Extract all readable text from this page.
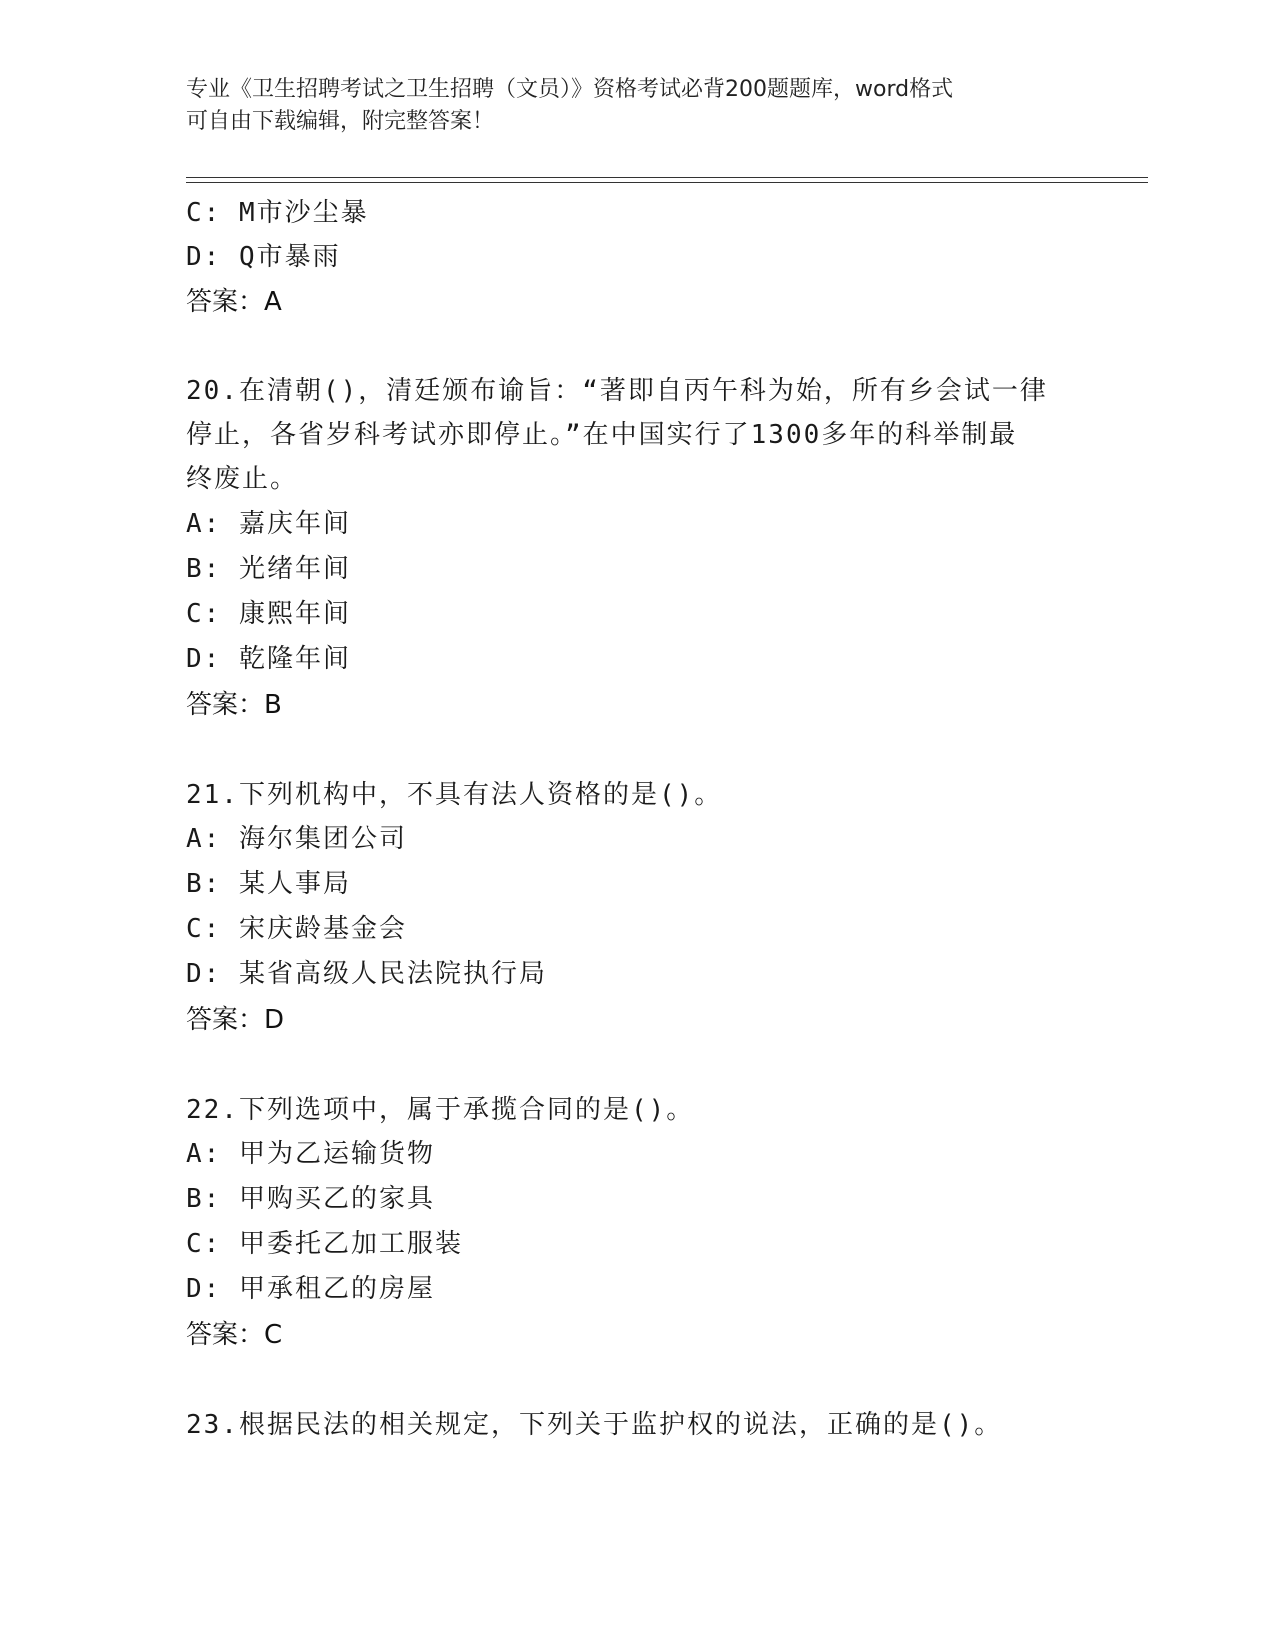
专业《卫生招聘考试之卫生招聘（文员）》资格考试必背200题题库，word格式
可自由下载编辑，附完整答案！
C: M市沙尘暴
D: Q市暴雨
答案：A
20.在清朝()，清廷颁布谕旨：“著即自丙午科为始，所有乡会试一律
停止，各省岁科考试亦即停止。”在中国实行了1300多年的科举制最
终废止。
A: 嘉庆年间
B: 光绪年间
C: 康熙年间
D: 乾隆年间
答案：B
21.下列机构中，不具有法人资格的是()。
A: 海尔集团公司
B: 某人事局
C: 宋庆龄基金会
D: 某省高级人民法院执行局
答案：D
22.下列选项中，属于承揽合同的是()。
A: 甲为乙运输货物
B: 甲购买乙的家具
C: 甲委托乙加工服装
D: 甲承租乙的房屋
答案：C
23.根据民法的相关规定，下列关于监护权的说法，正确的是()。
